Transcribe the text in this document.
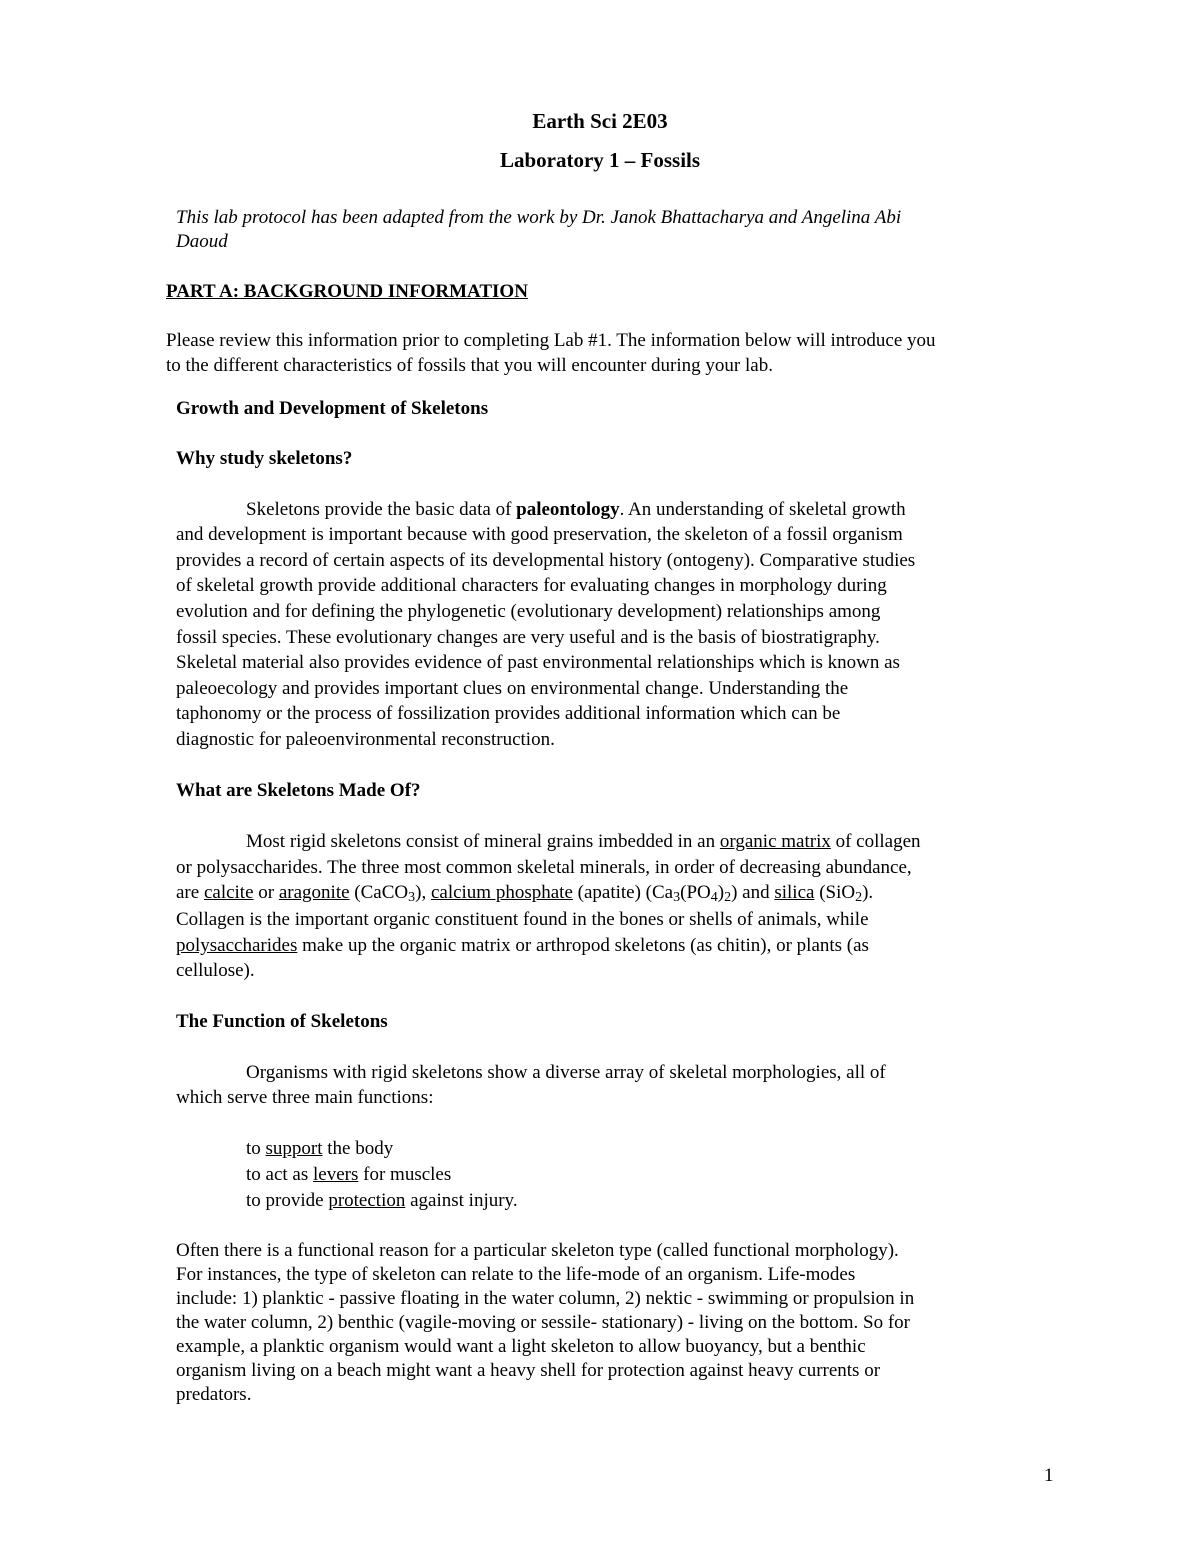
Earth Sci 2E03
Laboratory 1 – Fossils
This lab protocol has been adapted from the work by Dr. Janok Bhattacharya and Angelina Abi
Daoud
PART A: BACKGROUND INFORMATION
Please review this information prior to completing Lab #1. The information below will introduce you
to the different characteristics of fossils that you will encounter during your lab.
Growth and Development of Skeletons
Why study skeletons?
Skeletons provide the basic data of paleontology. An understanding of skeletal growth
and development is important because with good preservation, the skeleton of a fossil organism
provides a record of certain aspects of its developmental history (ontogeny). Comparative studies
of skeletal growth provide additional characters for evaluating changes in morphology during
evolution and for defining the phylogenetic (evolutionary development) relationships among
fossil species. These evolutionary changes are very useful and is the basis of biostratigraphy.
Skeletal material also provides evidence of past environmental relationships which is known as
paleoecology and provides important clues on environmental change. Understanding the
taphonomy or the process of fossilization provides additional information which can be
diagnostic for paleoenvironmental reconstruction.
What are Skeletons Made Of?
Most rigid skeletons consist of mineral grains imbedded in an organic matrix of collagen
or polysaccharides. The three most common skeletal minerals, in order of decreasing abundance,
are calcite or aragonite (CaCO$_3$), calcium phosphate (apatite) $(Ca_3(PO_4)_2)$ and silica (SiO$_2$).
Collagen is the important organic constituent found in the bones or shells of animals, while
polysaccharides make up the organic matrix or arthropod skeletons (as chitin), or plants (as
cellulose).
The Function of Skeletons
Organisms with rigid skeletons show a diverse array of skeletal morphologies, all of
which serve three main functions:
to support the body
to act as levers for muscles
to provide protection against injury.
Often there is a functional reason for a particular skeleton type (called functional morphology).
For instances, the type of skeleton can relate to the life-mode of an organism. Life-modes
include: 1) planktic - passive floating in the water column, 2) nektic - swimming or propulsion in
the water column, 2) benthic (vagile-moving or sessile- stationary) - living on the bottom. So for
example, a planktic organism would want a light skeleton to allow buoyancy, but a benthic
organism living on a beach might want a heavy shell for protection against heavy currents or
predators.
1
